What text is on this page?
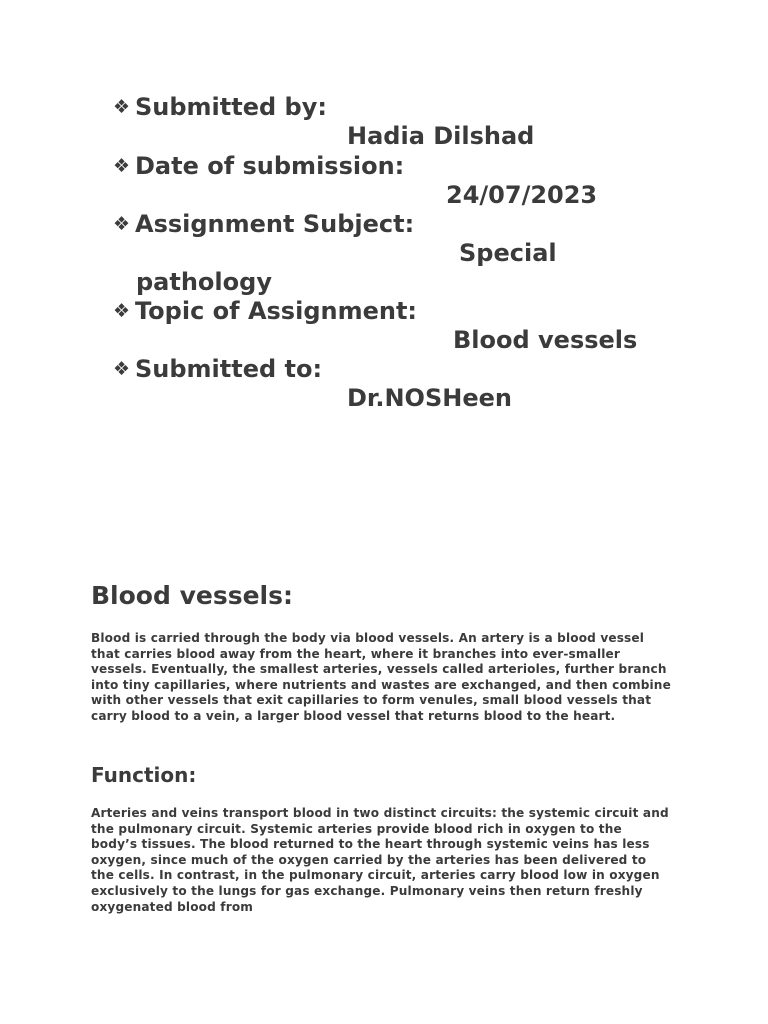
❖ Submitted by:
Hadia Dilshad
❖ Date of submission:
24/07/2023
❖ Assignment Subject:
Special
pathology
❖ Topic of Assignment:
Blood vessels
❖ Submitted to:
Dr.NOSHeen
Blood vessels:
Blood is carried through the body via blood vessels. An artery is a blood vessel that carries blood away from the heart, where it branches into ever-smaller vessels. Eventually, the smallest arteries, vessels called arterioles, further branch into tiny capillaries, where nutrients and wastes are exchanged, and then combine with other vessels that exit capillaries to form venules, small blood vessels that carry blood to a vein, a larger blood vessel that returns blood to the heart.
Function:
Arteries and veins transport blood in two distinct circuits: the systemic circuit and the pulmonary circuit. Systemic arteries provide blood rich in oxygen to the body’s tissues. The blood returned to the heart through systemic veins has less oxygen, since much of the oxygen carried by the arteries has been delivered to the cells. In contrast, in the pulmonary circuit, arteries carry blood low in oxygen exclusively to the lungs for gas exchange. Pulmonary veins then return freshly oxygenated blood from
